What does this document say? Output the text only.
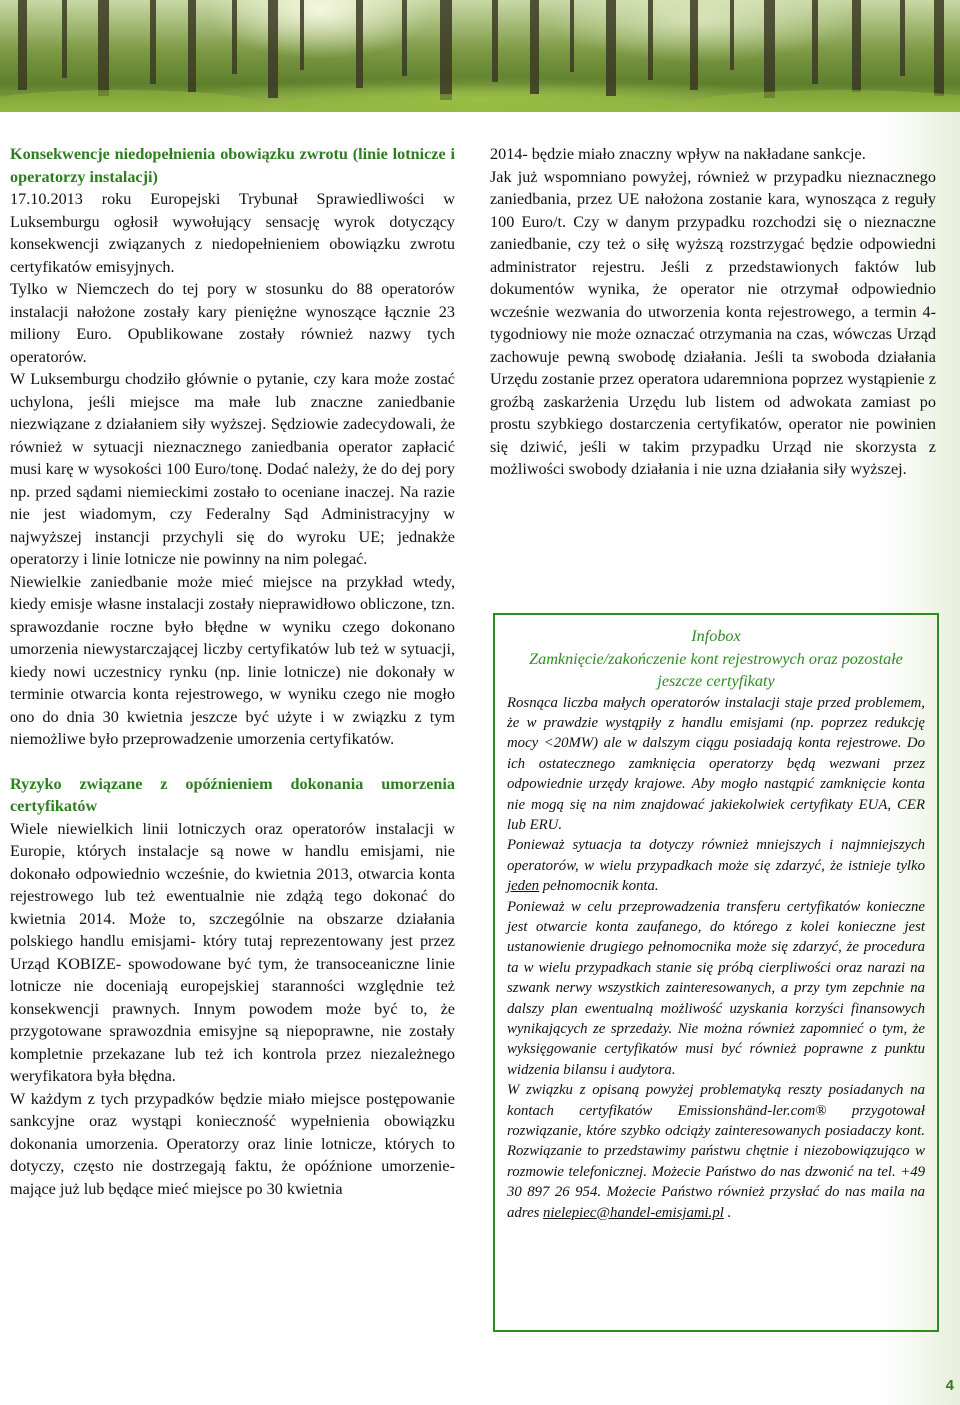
Konsekwencje niedopełnienia obowiązku zwrotu (linie lotnicze i operatorzy instalacji)

17.10.2013 roku Europejski Trybunał Sprawiedliwości w Luksemburgu ogłosił wywołujący sensację wyrok dotyczący konsekwencji związanych z niedopełnieniem obowiązku zwrotu certyfikatów emisyjnych.

Tylko w Niemczech do tej pory w stosunku do 88 operatorów instalacji nałożone zostały kary pieniężne wynoszące łącznie 23 miliony Euro. Opublikowane zostały również nazwy tych operatorów.

W Luksemburgu chodziło głównie o pytanie, czy kara może zostać uchylona, jeśli miejsce ma małe lub znaczne zaniedbanie niezwiązane z działaniem siły wyższej. Sędziowie zadecydowali, że również w sytuacji nieznacznego zaniedbania operator zapłacić musi karę w wysokości 100 Euro/tonę. Dodać należy, że do dej pory np. przed sądami niemieckimi zostało to oceniane inaczej. Na razie nie jest wiadomym, czy Federalny Sąd Administracyjny w najwyższej instancji przychyli się do wyroku UE; jednakże operatorzy i linie lotnicze nie powinny na nim polegać.

Niewielkie zaniedbanie może mieć miejsce na przykład wtedy, kiedy emisje własne instalacji zostały nieprawidłowo obliczone, tzn. sprawozdanie roczne było błędne w wyniku czego dokonano umorzenia niewystarczającej liczby certyfikatów lub też w sytuacji, kiedy nowi uczestnicy rynku (np. linie lotnicze) nie dokonały w terminie otwarcia konta rejestrowego, w wyniku czego nie mogło ono do dnia 30 kwietnia jeszcze być użyte i w związku z tym niemożliwe było przeprowadzenie umorzenia certyfikatów.

Ryzyko związane z opóźnieniem dokonania umorzenia certyfikatów

Wiele niewielkich linii lotniczych oraz operatorów instalacji w Europie, których instalacje są nowe w handlu emisjami, nie dokonało odpowiednio wcześnie, do kwietnia 2013, otwarcia konta rejestrowego lub też ewentualnie nie zdążą tego dokonać do kwietnia 2014. Może to, szczególnie na obszarze działania polskiego handlu emisjami- który tutaj reprezentowany jest przez Urząd KOBIZE- spowodowane być tym, że transoceaniczne linie lotnicze nie doceniają europejskiej staranności względnie też konsekwencji prawnych. Innym powodem może być to, że przygotowane sprawozdnia emisyjne są niepoprawne, nie zostały kompletnie przekazane lub też ich kontrola przez niezależnego weryfikatora była błędna.

W każdym z tych przypadków będzie miało miejsce postępowanie sankcyjne oraz wystąpi konieczność wypełnienia obowiązku dokonania umorzenia. Operatorzy oraz linie lotnicze, których to dotyczy, często nie dostrzegają faktu, że opóźnione umorzenie-mające już lub będące mieć miejsce po 30 kwietnia

2014- będzie miało znaczny wpływ na nakładane sankcje.

Jak już wspomniano powyżej, również w przypadku nieznacznego zaniedbania, przez UE nałożona zostanie kara, wynosząca z reguły 100 Euro/t. Czy w danym przypadku rozchodzi się o nieznaczne zaniedbanie, czy też o siłę wyższą rozstrzygać będzie odpowiedni administrator rejestru. Jeśli z przedstawionych faktów lub dokumentów wynika, że operator nie otrzymał odpowiednio wcześnie wezwania do utworzenia konta rejestrowego, a termin 4- tygodniowy nie może oznaczać otrzymania na czas, wówczas Urząd zachowuje pewną swobodę działania. Jeśli ta swoboda działania Urzędu zostanie przez operatora udaremniona poprzez wystąpienie z groźbą zaskarżenia Urzędu lub listem od adwokata zamiast po prostu szybkiego dostarczenia certyfikatów, operator nie powinien się dziwić, jeśli w takim przypadku Urząd nie skorzysta z możliwości swobody działania i nie uzna działania siły wyższej.

Infobox

Zamknięcie/zakończenie kont rejestrowych oraz pozostałe jeszcze certyfikaty

Rosnąca liczba małych operatorów instalacji staje przed problemem, że w prawdzie wystąpiły z handlu emisjami (np. poprzez redukcję mocy <20MW) ale w dalszym ciągu posiadają konta rejestrowe. Do ich ostatecznego zamknięcia operatorzy będą wezwani przez odpowiednie urzędy krajowe. Aby mogło nastąpić zamknięcie konta nie mogą się na nim znajdować jakiekolwiek certyfikaty EUA, CER lub ERU.

Ponieważ sytuacja ta dotyczy również mniejszych i najmniejszych operatorów, w wielu przypadkach może się zdarzyć, że istnieje tylko jeden pełnomocnik konta.

Ponieważ w celu przeprowadzenia transferu certyfikatów konieczne jest otwarcie konta zaufanego, do którego z kolei konieczne jest ustanowienie drugiego pełnomocnika może się zdarzyć, że procedura ta w wielu przypadkach stanie się próbą cierpliwości oraz narazi na szwank nerwy wszystkich zainteresowanych, a przy tym zepchnie na dalszy plan ewentualną możliwość uzyskania korzyści finansowych wynikających ze sprzedaży. Nie można również zapomnieć o tym, że wyksięgowanie certyfikatów musi być również poprawne z punktu widzenia bilansu i audytora.

W związku z opisaną powyżej problematyką reszty posiadanych na kontach certyfikatów Emissionshänd-ler.com® przygotował rozwiązanie, które szybko odciąży zainteresowanych posiadaczy kont. Rozwiązanie to przedstawimy państwu chętnie i niezobowiązująco w rozmowie telefonicznej. Możecie Państwo do nas dzwonić na tel. +49 30 897 26 954. Możecie Państwo również przysłać do nas maila na adres nielepiec@handel-emisjami.pl .

4
